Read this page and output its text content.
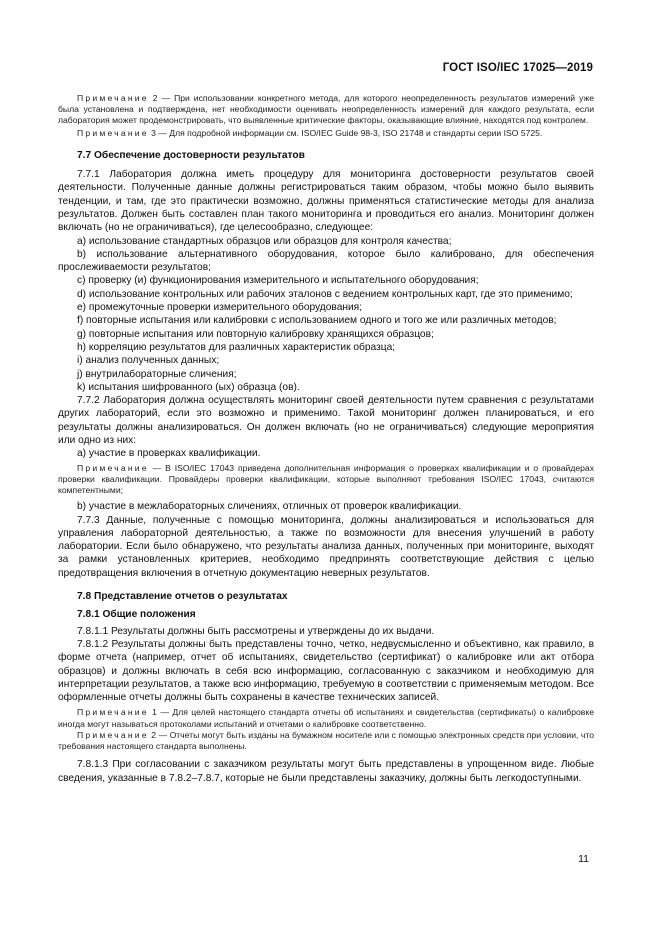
ГОСТ ISO/IEC 17025—2019

Примечание 2 — При использовании конкретного метода, для которого неопределенность результатов измерений уже была установлена и подтверждена, нет необходимости оценивать неопределенность измерений для каждого результата, если лаборатория может продемонстрировать, что выявленные критические факторы, оказывающие влияние, находятся под контролем.

Примечание 3 — Для подробной информации см. ISO/IEC Guide 98-3, ISO 21748 и стандарты серии ISO 5725.

7.7 Обеспечение достоверности результатов

7.7.1 Лаборатория должна иметь процедуру для мониторинга достоверности результатов своей деятельности. Полученные данные должны регистрироваться таким образом, чтобы можно было выявить тенденции, и там, где это практически возможно, должны применяться статистические методы для анализа результатов. Должен быть составлен план такого мониторинга и проводиться его анализ. Мониторинг должен включать (но не ограничиваться), где целесообразно, следующее:

a) использование стандартных образцов или образцов для контроля качества;

b) использование альтернативного оборудования, которое было калибровано, для обеспечения прослеживаемости результатов;

c) проверку (и) функционирования измерительного и испытательного оборудования;

d) использование контрольных или рабочих эталонов с ведением контрольных карт, где это применимо;

e) промежуточные проверки измерительного оборудования;

f) повторные испытания или калибровки с использованием одного и того же или различных методов;

g) повторные испытания или повторную калибровку хранящихся образцов;

h) корреляцию результатов для различных характеристик образца;

i) анализ полученных данных;

j) внутрилабораторные сличения;

k) испытания шифрованного (ых) образца (ов).

7.7.2 Лаборатория должна осуществлять мониторинг своей деятельности путем сравнения с результатами других лабораторий, если это возможно и применимо. Такой мониторинг должен планироваться, и его результаты должны анализироваться. Он должен включать (но не ограничиваться) следующие мероприятия или одно из них:

a) участие в проверках квалификации.

Примечание — В ISO/IEC 17043 приведена дополнительная информация о проверках квалификации и о провайдерах проверки квалификации. Провайдеры проверки квалификации, которые выполняют требования ISO/IEC 17043, считаются компетентными;

b) участие в межлабораторных сличениях, отличных от проверок квалификации.

7.7.3 Данные, полученные с помощью мониторинга, должны анализироваться и использоваться для управления лабораторной деятельностью, а также по возможности для внесения улучшений в работу лаборатории. Если было обнаружено, что результаты анализа данных, полученных при мониторинге, выходят за рамки установленных критериев, необходимо предпринять соответствующие действия с целью предотвращения включения в отчетную документацию неверных результатов.

7.8 Представление отчетов о результатах

7.8.1 Общие положения

7.8.1.1 Результаты должны быть рассмотрены и утверждены до их выдачи.

7.8.1.2 Результаты должны быть представлены точно, четко, недвусмысленно и объективно, как правило, в форме отчета (например, отчет об испытаниях, свидетельство (сертификат) о калибровке или акт отбора образцов) и должны включать в себя всю информацию, согласованную с заказчиком и необходимую для интерпретации результатов, а также всю информацию, требуемую в соответствии с применяемым методом. Все оформленные отчеты должны быть сохранены в качестве технических записей.

Примечание 1 — Для целей настоящего стандарта отчеты об испытаниях и свидетельства (сертификаты) о калибровке иногда могут называться протоколами испытаний и отчетами о калибровке соответственно.

Примечание 2 — Отчеты могут быть изданы на бумажном носителе или с помощью электронных средств при условии, что требования настоящего стандарта выполнены.

7.8.1.3 При согласовании с заказчиком результаты могут быть представлены в упрощенном виде. Любые сведения, указанные в 7.8.2–7.8.7, которые не были представлены заказчику, должны быть легкодоступными.

11
